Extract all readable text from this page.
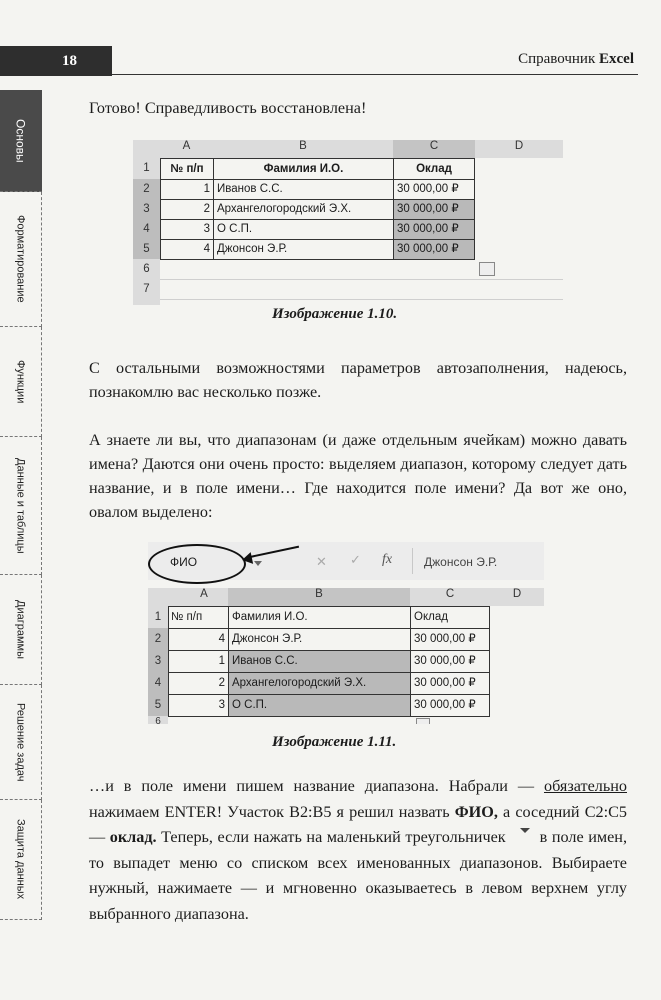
18	Справочник Excel
Основы
Форматирование
Функции
Данные и таблицы
Диаграммы
Решение задач
Защита данных
Готово! Справедливость восстановлена!
A	B	C	D
1
2
3
4
5
6
7
№ п/п	Фамилия И.О.	Оклад
1 Иванов С.С.	30 000,00 ₽
2 Архангелогородский Э.Х.	30 000,00 ₽
3 О С.П.	30 000,00 ₽
4 Джонсон Э.Р.	30 000,00 ₽
Изображение 1.10.
С остальными возможностями параметров автозаполнения, надеюсь, познакомлю вас несколько позже.
А знаете ли вы, что диапазонам (и даже отдельным ячейкам) можно давать имена? Даются они очень просто: выделяем диапазон, которому следует дать название, и в поле имени… Где находится поле имени? Да вот же оно, овалом выделено:
ФИО	✕	✓	fx	Джонсон Э.Р.
A	B	C	D
1
2
3
4
5
6
№ п/п	Фамилия И.О.	Оклад
4 Джонсон Э.Р.	30 000,00 ₽
1 Иванов С.С.	30 000,00 ₽
2 Архангелогородский Э.Х.	30 000,00 ₽
3 О С.П.	30 000,00 ₽
Изображение 1.11.
…и в поле имени пишем название диапазона. Набрали — обязательно нажимаем ENTER! Участок B2:B5 я решил назвать ФИО, а соседний C2:C5 — оклад. Теперь, если нажать на маленький треугольничек в поле имен, то выпадет меню со списком всех именованных диапазонов. Выбираете нужный, нажимаете — и мгновенно оказываетесь в левом верхнем углу выбранного диапазона.
